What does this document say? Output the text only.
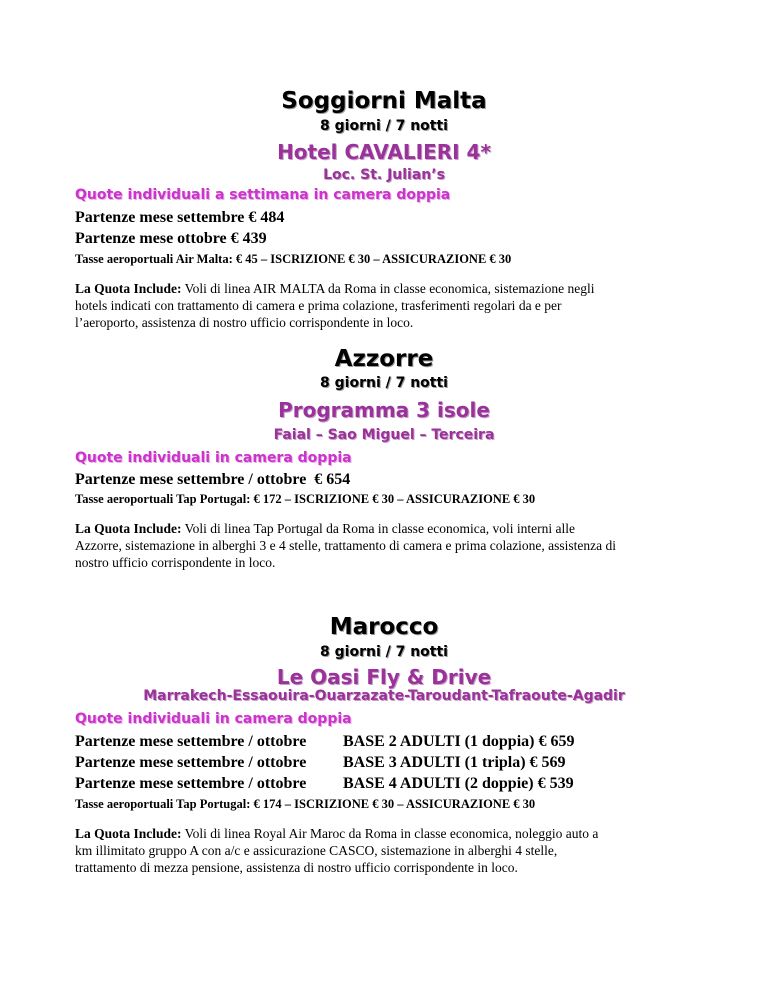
Soggiorni Malta
8 giorni / 7 notti
Hotel CAVALIERI 4*
Loc. St. Julian’s
Quote individuali a settimana in camera doppia
Partenze mese settembre € 484
Partenze mese ottobre € 439
Tasse aeroportuali Air Malta: € 45 – ISCRIZIONE € 30 – ASSICURAZIONE € 30
La Quota Include: Voli di linea AIR MALTA da Roma in classe economica, sistemazione negli
hotels indicati con trattamento di camera e prima colazione, trasferimenti regolari da e per
l’aeroporto, assistenza di nostro ufficio corrispondente in loco.
Azzorre
8 giorni / 7 notti
Programma 3 isole
Faial – Sao Miguel – Terceira
Quote individuali in camera doppia
Partenze mese settembre / ottobre  € 654
Tasse aeroportuali Tap Portugal: € 172 – ISCRIZIONE € 30 – ASSICURAZIONE € 30
La Quota Include: Voli di linea Tap Portugal da Roma in classe economica, voli interni alle
Azzorre, sistemazione in alberghi 3 e 4 stelle, trattamento di camera e prima colazione, assistenza di
nostro ufficio corrispondente in loco.
Marocco
8 giorni / 7 notti
Le Oasi Fly & Drive
Marrakech-Essaouira-Ouarzazate-Taroudant-Tafraoute-Agadir
Quote individuali in camera doppia
Partenze mese settembre / ottobre BASE 2 ADULTI (1 doppia) € 659
Partenze mese settembre / ottobre BASE 3 ADULTI (1 tripla) € 569
Partenze mese settembre / ottobre BASE 4 ADULTI (2 doppie) € 539
Tasse aeroportuali Tap Portugal: € 174 – ISCRIZIONE € 30 – ASSICURAZIONE € 30
La Quota Include: Voli di linea Royal Air Maroc da Roma in classe economica, noleggio auto a
km illimitato gruppo A con a/c e assicurazione CASCO, sistemazione in alberghi 4 stelle,
trattamento di mezza pensione, assistenza di nostro ufficio corrispondente in loco.
